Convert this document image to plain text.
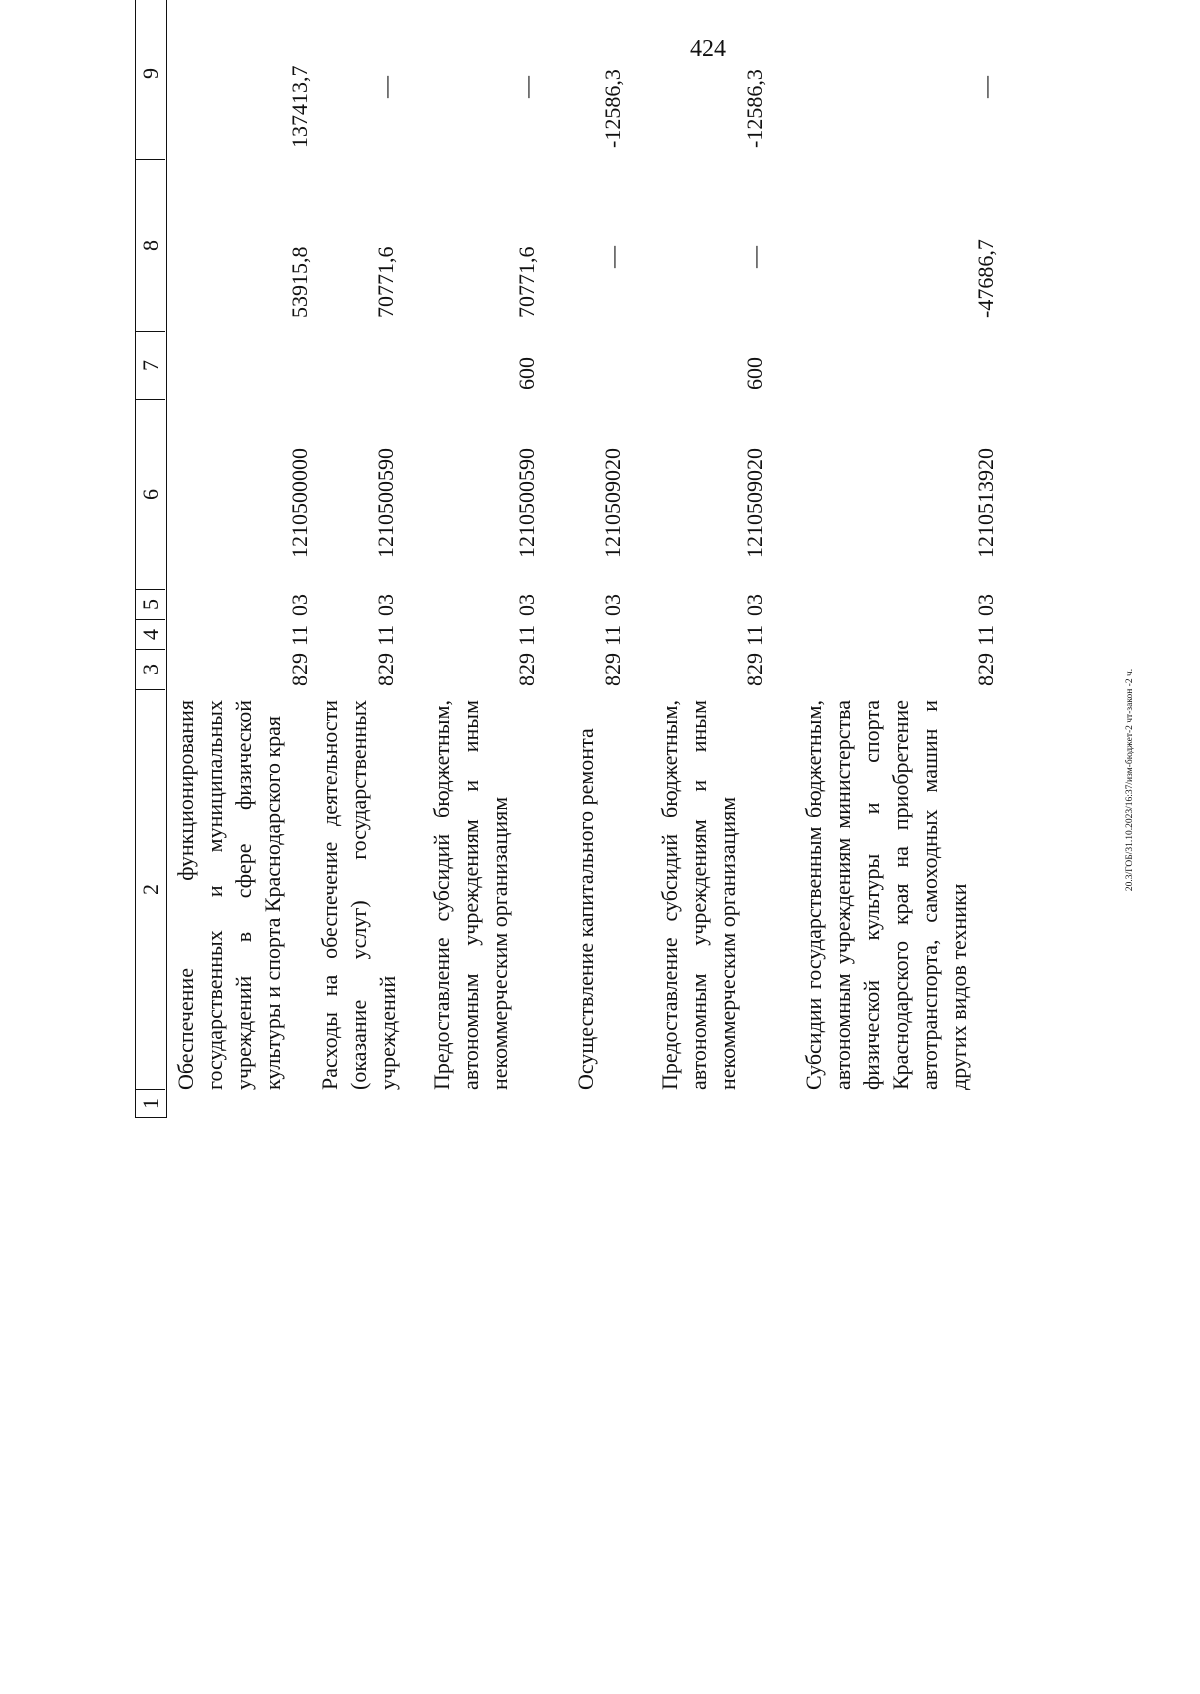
424
20.3/ГОБ/31.10.2023/16:37/изм-бюджет-2 чт-закон -2 ч.
1
2
3
4
5
6
7
8
9
Обеспечение функционирования государственных и муниципальных учреждений в сфере физической культуры и спорта Краснодарского края
829
11
03
1210500000
53915,8
137413,7
Расходы на обеспечение деятельности (оказание услуг) государственных учреждений
829
11
03
1210500590
70771,6
—
Предоставление субсидий бюджетным, автономным учреждениям и иным некоммерческим организациям
829
11
03
1210500590
600
70771,6
—
Осуществление капитального ремонта
829
11
03
1210509020
—
-12586,3
Предоставление субсидий бюджетным, автономным учреждениям и иным некоммерческим организациям
829
11
03
1210509020
600
—
-12586,3
Субсидии государственным бюджетным, автономным учреждениям министерства физической культуры и спорта Краснодарского края на приобретение автотранспорта, самоходных машин и других видов техники
829
11
03
1210513920
-47686,7
—
